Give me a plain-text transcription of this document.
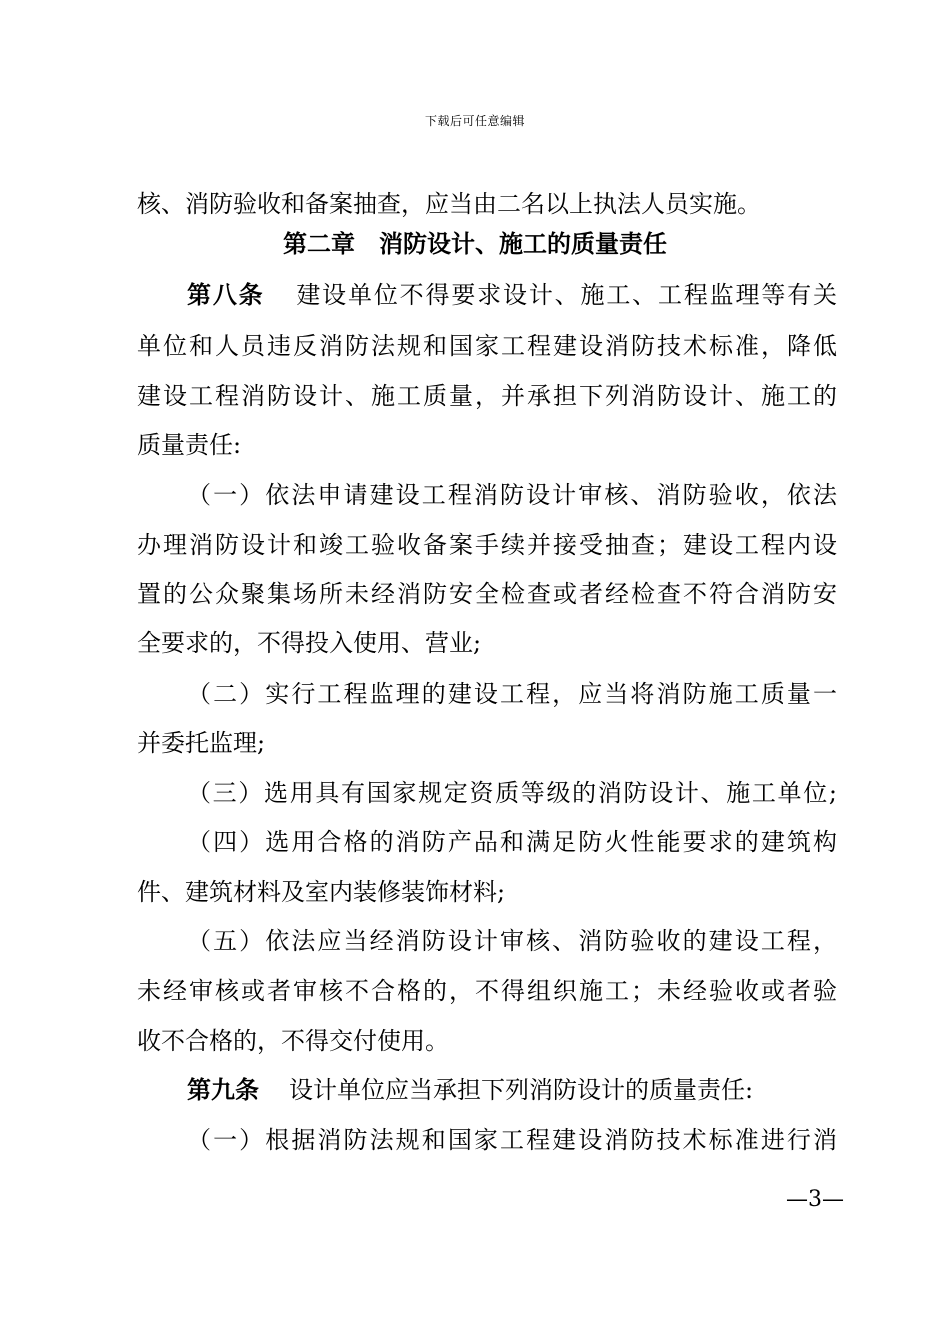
下载后可任意编辑
核、消防验收和备案抽查，应当由二名以上执法人员实施。
第二章　消防设计、施工的质量责任
第八条 建设单位不得要求设计、施工、工程监理等有关
单位和人员违反消防法规和国家工程建设消防技术标准，降低
建设工程消防设计、施工质量，并承担下列消防设计、施工的
质量责任:
（一）依法申请建设工程消防设计审核、消防验收，依法
办理消防设计和竣工验收备案手续并接受抽查；建设工程内设
置的公众聚集场所未经消防安全检查或者经检查不符合消防安
全要求的，不得投入使用、营业;
（二）实行工程监理的建设工程，应当将消防施工质量一
并委托监理;
（三）选用具有国家规定资质等级的消防设计、施工单位;
（四）选用合格的消防产品和满足防火性能要求的建筑构
件、建筑材料及室内装修装饰材料;
（五）依法应当经消防设计审核、消防验收的建设工程，
未经审核或者审核不合格的，不得组织施工；未经验收或者验
收不合格的，不得交付使用。
第九条 设计单位应当承担下列消防设计的质量责任:
（一）根据消防法规和国家工程建设消防技术标准进行消
—3—
